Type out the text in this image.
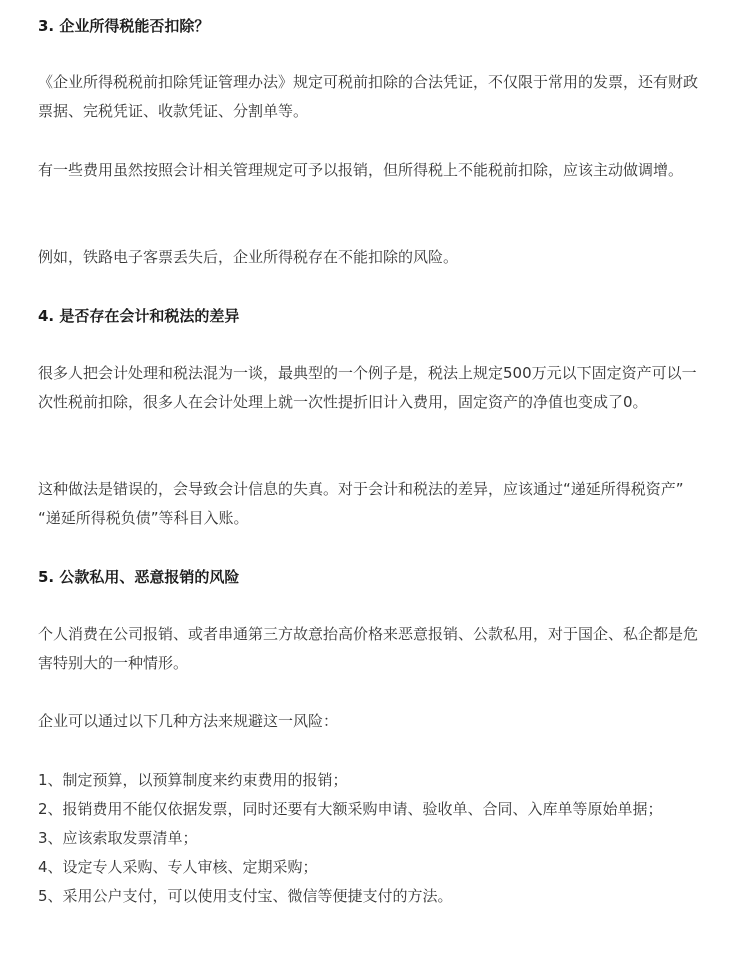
3. 企业所得税能否扣除？

《企业所得税税前扣除凭证管理办法》规定可税前扣除的合法凭证，不仅限于常用的发票，还有财政票据、完税凭证、收款凭证、分割单等。

有一些费用虽然按照会计相关管理规定可予以报销，但所得税上不能税前扣除，应该主动做调增。

例如，铁路电子客票丢失后，企业所得税存在不能扣除的风险。

4. 是否存在会计和税法的差异

很多人把会计处理和税法混为一谈，最典型的一个例子是，税法上规定500万元以下固定资产可以一次性税前扣除，很多人在会计处理上就一次性提折旧计入费用，固定资产的净值也变成了0。

这种做法是错误的，会导致会计信息的失真。对于会计和税法的差异，应该通过“递延所得税资产” “递延所得税负债”等科目入账。

5. 公款私用、恶意报销的风险

个人消费在公司报销、或者串通第三方故意抬高价格来恶意报销、公款私用，对于国企、私企都是危害特别大的一种情形。

企业可以通过以下几种方法来规避这一风险：

1、制定预算，以预算制度来约束费用的报销；
2、报销费用不能仅依据发票，同时还要有大额采购申请、验收单、合同、入库单等原始单据；
3、应该索取发票清单；
4、设定专人采购、专人审核、定期采购；
5、采用公户支付，可以使用支付宝、微信等便捷支付的方法。
